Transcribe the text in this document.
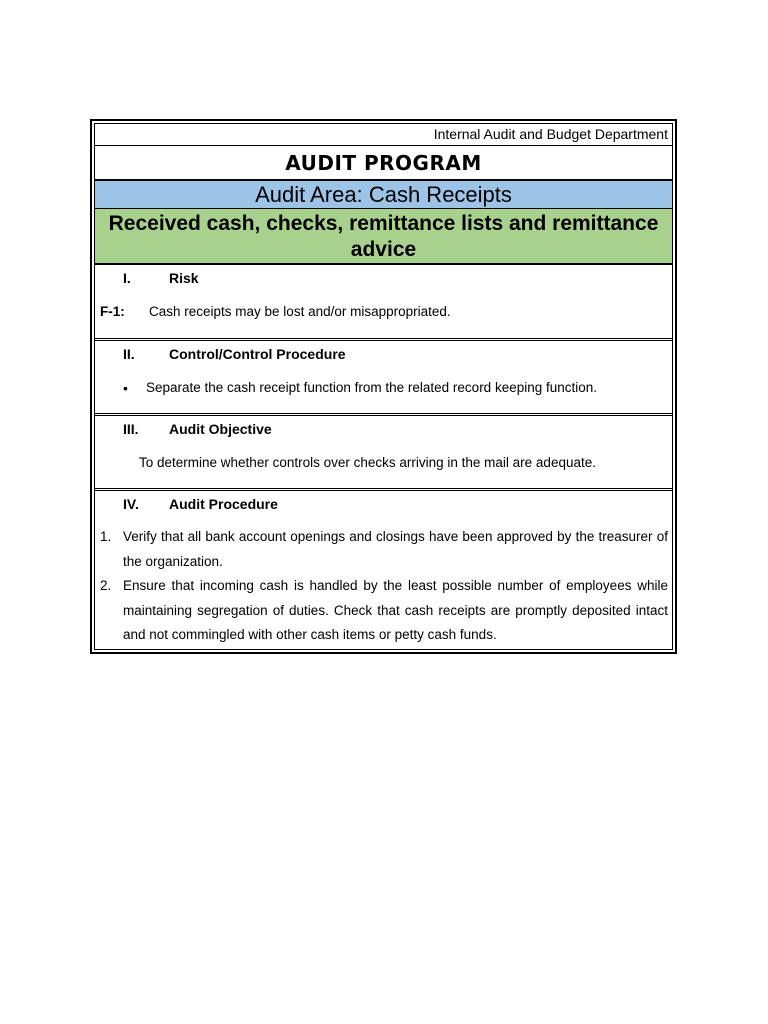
Internal Audit and Budget Department
AUDIT PROGRAM
Audit Area: Cash Receipts
Received cash, checks, remittance lists and remittance advice
I.	Risk
F-1: Cash receipts may be lost and/or misappropriated.
II. Control/Control Procedure
• Separate the cash receipt function from the related record keeping function.
III. Audit Objective
To determine whether controls over checks arriving in the mail are adequate.
IV. Audit Procedure
1. Verify that all bank account openings and closings have been approved by the treasurer of the organization.
2. Ensure that incoming cash is handled by the least possible number of employees while maintaining segregation of duties. Check that cash receipts are promptly deposited intact and not commingled with other cash items or petty cash funds.
